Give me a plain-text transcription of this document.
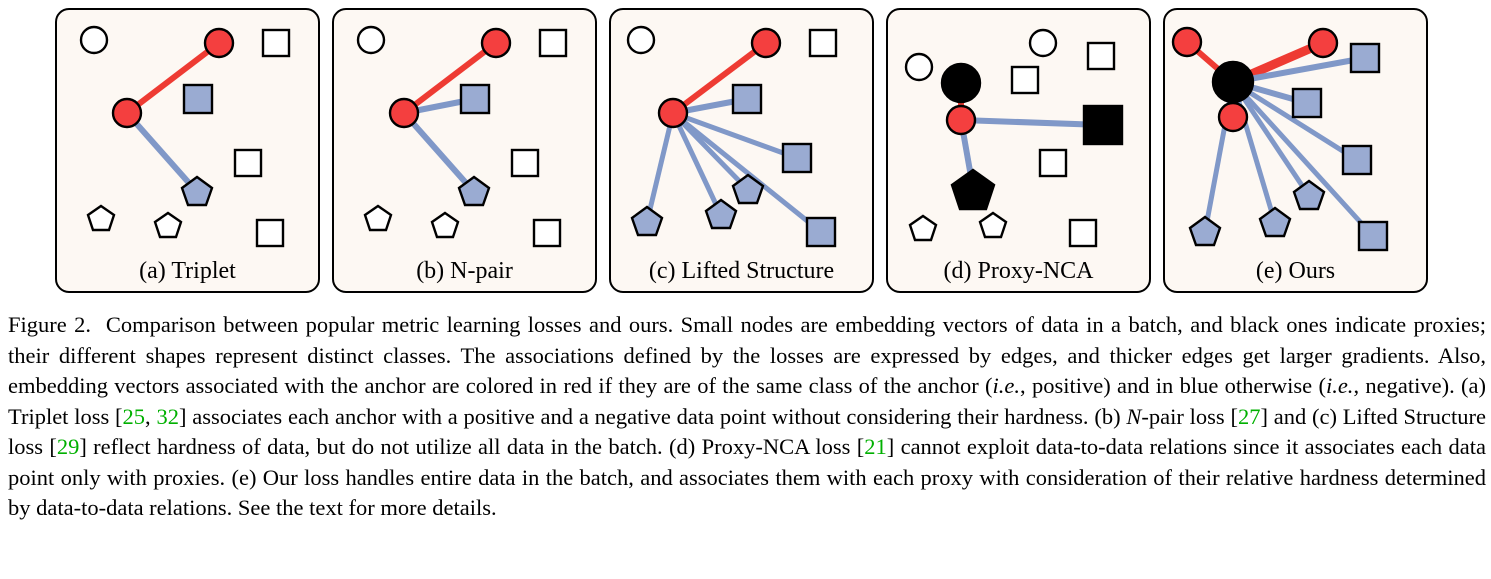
(a) Triplet	(b) N-pair	(c) Lifted Structure	(d) Proxy-NCA	(e) Ours
Figure 2. Comparison between popular metric learning losses and ours. Small nodes are embedding vectors of data in a batch, and black ones indicate proxies; their different shapes represent distinct classes. The associations defined by the losses are expressed by edges, and thicker edges get larger gradients. Also, embedding vectors associated with the anchor are colored in red if they are of the same class of the anchor (i.e., positive) and in blue otherwise (i.e., negative). (a) Triplet loss [25, 32] associates each anchor with a positive and a negative data point without considering their hardness. (b) N-pair loss [27] and (c) Lifted Structure loss [29] reflect hardness of data, but do not utilize all data in the batch. (d) Proxy-NCA loss [21] cannot exploit data-to-data relations since it associates each data point only with proxies. (e) Our loss handles entire data in the batch, and associates them with each proxy with consideration of their relative hardness determined by data-to-data relations. See the text for more details.
